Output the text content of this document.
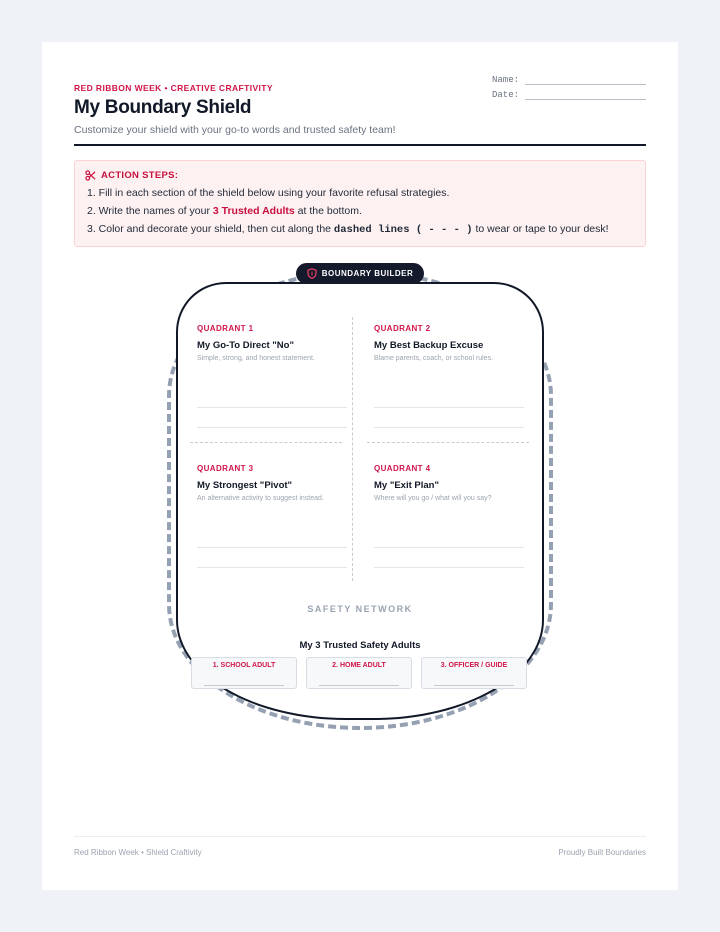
RED RIBBON WEEK • CREATIVE CRAFTIVITY
My Boundary Shield
Customize your shield with your go-to words and trusted safety team!
Name:
Date:
ACTION STEPS:
1. Fill in each section of the shield below using your favorite refusal strategies.
2. Write the names of your 3 Trusted Adults at the bottom.
3. Color and decorate your shield, then cut along the dashed lines ( - - - ) to wear or tape to your desk!
BOUNDARY BUILDER
QUADRANT 1
My Go-To Direct "No"
Simple, strong, and honest statement.
QUADRANT 2
My Best Backup Excuse
Blame parents, coach, or school rules.
QUADRANT 3
My Strongest "Pivot"
An alternative activity to suggest instead.
QUADRANT 4
My "Exit Plan"
Where will you go / what will you say?
SAFETY NETWORK
My 3 Trusted Safety Adults
1. SCHOOL ADULT	2. HOME ADULT	3. OFFICER / GUIDE
Red Ribbon Week • Shield Craftivity	Proudly Built Boundaries
